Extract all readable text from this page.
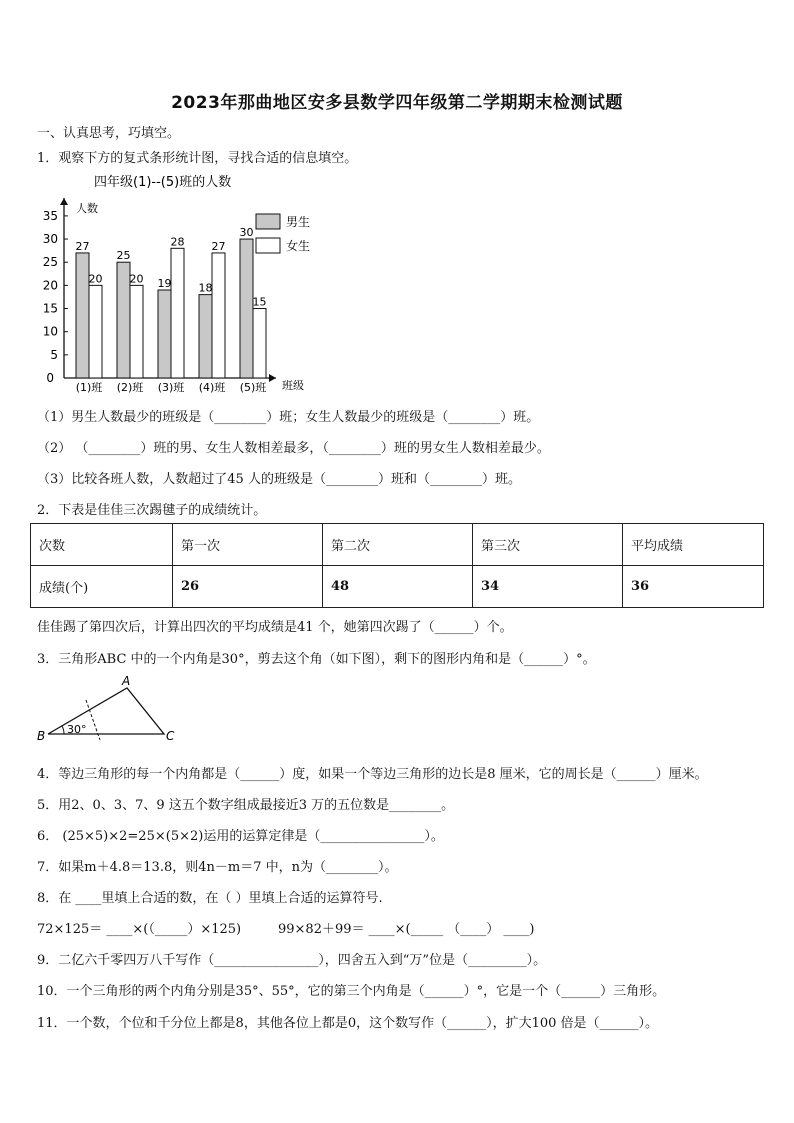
2023年那曲地区安多县数学四年级第二学期期末检测试题
一、认真思考，巧填空。
1．观察下方的复式条形统计图，寻找合适的信息填空。
四年级(1)--(5)班的人数
人数
班级
0
5
10
15
20
25
30
35
(1)班 (2)班 (3)班 (4)班 (5)班
27
20
25
20 19
28
18
27
30
15
男生
女生
（1）男生人数最少的班级是（________）班；女生人数最少的班级是（________）班。
（2） （________）班的男、女生人数相差最多，（________）班的男女生人数相差最少。
（3）比较各班人数，人数超过了45 人的班级是（________）班和（________）班。
2．下表是佳佳三次踢毽子的成绩统计。
次数	第一次	第二次	第三次	平均成绩
成绩(个)	26	48	34	36
佳佳踢了第四次后，计算出四次的平均成绩是41 个，她第四次踢了（______）个。
3．三角形ABC 中的一个内角是30°，剪去这个角（如下图），剩下的图形内角和是（______）°。
A
B	C
30°
4．等边三角形的每一个内角都是（______）度，如果一个等边三角形的边长是8 厘米，它的周长是（______）厘米。
5．用2、0、3、7、9 这五个数字组成最接近3 万的五位数是________。
6． (25×5)×2=25×(5×2)运用的运算定律是（________________）。
7．如果m＋4.8＝13.8，则4n－m＝7 中，n为（________）。
8．在 ____里填上合适的数，在（ ）里填上合适的运算符号.
72×125＝ ____×(（_____）×125)	99×82＋99＝ ____×(_____ （____） ____)
9．二亿六千零四万八千写作（________________），四舍五入到“万”位是（_________）。
10．一个三角形的两个内角分别是35°、55°，它的第三个内角是（______）°，它是一个（______）三角形。
11．一个数，个位和千分位上都是8，其他各位上都是0，这个数写作（______），扩大100 倍是（______）。
